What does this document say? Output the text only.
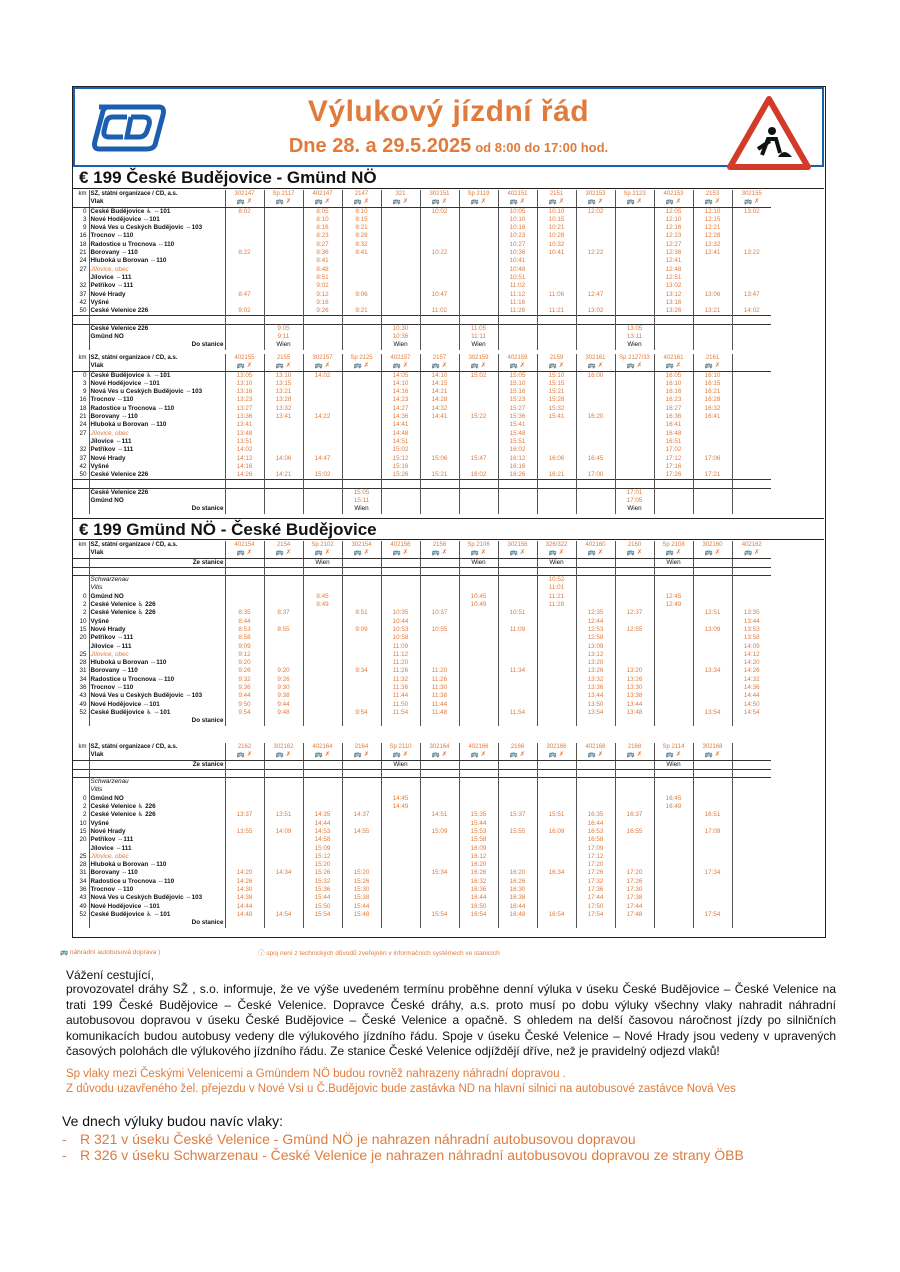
Výlukový jízdní řád
Dne 28. a 29.5.2025 od 8:00 do 17:00 hod.
€ 199 České Budějovice - Gmünd NÖ
km	SŽ, státní organizace / ČD, a.s.	302147	Sp 2117	402147	2147	321	302151	Sp 2119	402151	2151	302153	Sp 2123	402153	2153	302155
	Vlak	🚌 ✗	🚌 ✗	🚌 ✗	🚌 ✗	🚌 ✗	🚌 ✗	🚌 ✗	🚌 ✗	🚌 ✗	🚌 ✗	🚌 ✗	🚌 ✗	🚌 ✗	🚌 ✗
0	České Budějovice ♿ ⇔101	8:02		8:05	8:10		10:02		10:05	10:10	12:02		12:05	12:10	13:02
3	Nové Hodějovice ⇔101			8:10	8:15				10:10	10:15			12:10	12:15	
9	Nová Ves u Českých Budějovic ⇔103			8:16	8:21				10:16	10:21			12:16	12:21	
16	Trocnov ⇔110			8:23	8:28				10:23	10:28			12:23	12:28	
18	Radostice u Trocnova ⇔110			8:27	8:32				10:27	10:32			12:27	12:32	
21	Borovany ⇔110	8:22		8:36	8:41		10:22		10:36	10:41	12:22		12:36	12:41	13:22
24	Hluboká u Borovan ⇔110			8:41					10:41				12:41		
27	Jílovice, obec			8:48					10:48				12:48		
	Jílovice ⇔111			8:51					10:51				12:51		
32	Petříkov ⇔111			9:02					11:02				13:02		
37	Nové Hrady	8:47		9:12	9:06		10:47		11:12	11:06	12:47		13:12	13:06	13:47
42	Vyšné			9:16					11:16				13:16		
50	České Velenice 226	9:02		9:26	9:21		11:02		11:26	11:21	13:02		13:26	13:21	14:02

	České Velenice 226		9:05			10:30		11:05				13:05			
	Gmünd NÖ		9:11			10:36		11:11				13:11			
	Do stanice		Wien			Wien		Wien				Wien			
km	SŽ, státní organizace / ČD, a.s.	402155	2155	302157	Sp 2125	402157	2157	302159	402159	2159	302161	Sp 2127/33	402161	2161	
	Vlak	🚌 ✗	🚌 ✗	🚌 ✗	🚌 ✗	🚌 ✗	🚌 ✗	🚌 ✗	🚌 ✗	🚌 ✗	🚌 ✗	🚌 ✗	🚌 ✗	🚌 ✗	
0	České Budějovice ♿ ⇔101	13:05	13:10	14:02		14:05	14:10	15:02	15:05	15:10	16:00		16:05	16:10	
3	Nové Hodějovice ⇔101	13:10	13:15			14:10	14:15		15:10	15:15			16:10	16:15	
9	Nová Ves u Českých Budějovic ⇔103	13:16	13:21			14:16	14:21		15:16	15:21			16:16	16:21	
16	Trocnov ⇔110	13:23	13:28			14:23	14:28		15:23	15:28			16:23	16:28	
18	Radostice u Trocnova ⇔110	13:27	13:32			14:27	14:32		15:27	15:32			16:27	16:32	
21	Borovany ⇔110	13:36	13:41	14:22		14:36	14:41	15:22	15:36	15:41	16:20		16:36	16:41	
24	Hluboká u Borovan ⇔110	13:41				14:41			15:41				16:41		
27	Jílovice, obec	13:48				14:48			15:48				16:48		
	Jílovice ⇔111	13:51				14:51			15:51				16:51		
32	Petříkov ⇔111	14:02				15:02			16:02				17:02		
37	Nové Hrady	14:12	14:06	14:47		15:12	15:06	15:47	16:12	16:06	16:45		17:12	17:06	
42	Vyšné	14:16				15:16			16:16				17:16		
50	České Velenice 226	14:26	14:21	15:02		15:26	15:21	16:02	16:26	16:21	17:00		17:26	17:21	

	České Velenice 226				15:05							17:01			
	Gmünd NÖ				15:11							17:05			
	Do stanice				Wien							Wien			
€ 199 Gmünd NÖ - České Budějovice
km	SŽ, státní organizace / ČD, a.s.	402154	2154	Sp 2102	302154	402156	2156	Sp 2106	302156	326/322	402160	2160	Sp 2108	302160	402162
	Vlak	🚌 ✗	🚌 ✗	🚌 ✗	🚌 ✗	🚌 ✗	🚌 ✗	🚌 ✗	🚌 ✗	🚌 ✗	🚌 ✗	🚌 ✗	🚌 ✗	🚌 ✗	🚌 ✗
	Ze stanice			Wien				Wien		Wien			Wien		

	Schwarzenau									10:52					
	Vitis									11:01					
0	Gmünd NÖ			8:45				10:45		11:21			12:45		
2	České Velenice ♿ 226			8:49				10:49		11:28			12:49		
2	České Velenice ♿ 226	8:35	8:37		8:51	10:35	10:37		10:51		12:35	12:37		12:51	13:35
10	Vyšné	8:44				10:44					12:44				13:44
15	Nové Hrady	8:53	8:55		9:09	10:53	10:55		11:09		12:53	12:55		13:09	13:53
20	Petříkov ⇔111	8:58				10:58					12:58				13:58
	Jílovice ⇔111	9:09				11:09					13:09				14:09
25	Jílovice, obec	9:12				11:12					13:12				14:12
28	Hluboká u Borovan ⇔110	9:20				11:20					13:20				14:20
31	Borovany ⇔110	9:26	9:20		9:34	11:26	11:20		11:34		13:26	13:20		13:34	14:26
34	Radostice u Trocnova ⇔110	9:32	9:26			11:32	11:26				13:32	13:26			14:32
36	Trocnov ⇔110	9:36	9:30			11:36	11:30				13:36	13:30			14:36
43	Nová Ves u Českých Budějovic ⇔103	9:44	9:38			11:44	11:38				13:44	13:38			14:44
49	Nové Hodějovice ⇔101	9:50	9:44			11:50	11:44				13:50	13:44			14:50
52	České Budějovice ♿ ⇔101	9:54	9:48		9:54	11:54	11:48		11:54		13:54	13:48		13:54	14:54
	Do stanice														
km	SŽ, státní organizace / ČD, a.s.	2162	302162	402164	2164	Sp 2110	302164	402166	2166	302166	402168	2168	Sp 2114	302168	
	Vlak	🚌 ✗	🚌 ✗	🚌 ✗	🚌 ✗	🚌 ✗	🚌 ✗	🚌 ✗	🚌 ✗	🚌 ✗	🚌 ✗	🚌 ✗	🚌 ✗	🚌 ✗	
	Ze stanice					Wien							Wien		

	Schwarzenau														
	Vitis														
0	Gmünd NÖ					14:45							16:45		
2	České Velenice ♿ 226					14:49							16:49		
2	České Velenice ♿ 226	13:37	13:51	14:35	14:37		14:51	15:35	15:37	15:51	16:35	16:37		16:51	
10	Vyšné			14:44				15:44			16:44				
15	Nové Hrady	13:55	14:09	14:53	14:55		15:09	15:53	15:55	16:09	16:53	16:55		17:09	
20	Petříkov ⇔111			14:58				15:58			16:58				
	Jílovice ⇔111			15:09				16:09			17:09				
25	Jílovice, obec			15:12				16:12			17:12				
28	Hluboká u Borovan ⇔110			15:20				16:20			17:20				
31	Borovany ⇔110	14:20	14:34	15:26	15:20		15:34	16:26	16:20	16:34	17:26	17:20		17:34	
34	Radostice u Trocnova ⇔110	14:26		15:32	15:26			16:32	16:26		17:32	17:26			
36	Trocnov ⇔110	14:30		15:36	15:30			16:36	16:30		17:36	17:30			
43	Nová Ves u Českých Budějovic ⇔103	14:38		15:44	15:38			16:44	16:38		17:44	17:38			
49	Nové Hodějovice ⇔101	14:44		15:50	15:44			16:50	16:44		17:50	17:44			
52	České Budějovice ♿ ⇔101	14:48	14:54	15:54	15:48		15:54	16:54	16:48	16:54	17:54	17:48		17:54	
	Do stanice														
🚌 náhradní autobusová doprava )	ⓘ spoj není z technických důvodů zveřejněn v informačních systémech ve stanicích
Vážení cestující,
provozovatel dráhy SŽ , s.o. informuje, že ve výše uvedeném termínu proběhne denní výluka v úseku České Budějovice – České Velenice na trati 199 České Budějovice – České Velenice. Dopravce České dráhy, a.s. proto musí po dobu výluky všechny vlaky nahradit náhradní autobusovou dopravou v úseku České Budějovice – České Velenice a opačně. S ohledem na delší časovou náročnost jízdy po silničních komunikacích budou autobusy vedeny dle výlukového jízdního řádu. Spoje v úseku České Velenice – Nové Hrady jsou vedeny v upravených časových polohách dle výlukového jízdního řádu. Ze stanice České Velenice odjíždějí dříve, než je pravidelný odjezd vlaků!
Sp vlaky mezi Českými Velenicemi a Gmündem NÖ budou rovněž nahrazeny náhradní dopravou .
Z důvodu uzavřeného žel. přejezdu v Nové Vsi u Č.Budějovic bude zastávka ND na hlavní silnici na autobusové zastávce Nová Ves
Ve dnech výluky budou navíc vlaky:
- R 321 v úseku České Velenice - Gmünd NÖ je nahrazen náhradní autobusovou dopravou
- R 326 v úseku Schwarzenau - České Velenice je nahrazen náhradní autobusovou dopravou ze strany ÖBB
